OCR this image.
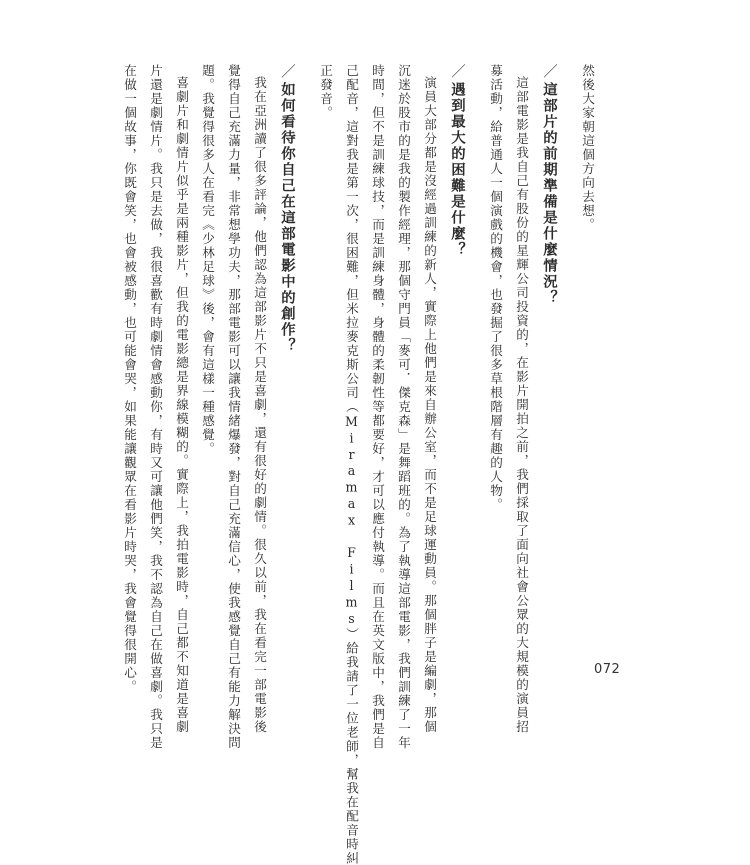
然後大家朝這個方向去想。

／這部片的前期準備是什麼情況？

這部電影是我自己有股份的星輝公司投資的，在影片開拍之前，我們採取了面向社會公眾的大規模的演員招

募活動，給普通人一個演戲的機會，也發掘了很多草根階層有趣的人物。

／遇到最大的困難是什麼？

演員大部分都是沒經過訓練的新人，實際上他們是來自辦公室，而不是足球運動員。那個胖子是編劇，那個

沉迷於股市的是我的製作經理，那個守門員「麥可．傑克森」是舞蹈班的。為了執導這部電影，我們訓練了一年

時間，但不是訓練球技，而是訓練身體，身體的柔韌性等都要好，才可以應付執導。而且在英文版中，我們是自

己配音，這對我是第一次，很困難，但米拉麥克斯公司（Miramax Films）給我請了一位老師，幫我在配音時糾

正發音。

／如何看待你自己在這部電影中的創作？

我在亞洲讀了很多評論，他們認為這部影片不只是喜劇，還有很好的劇情。很久以前，我在看完一部電影後

覺得自己充滿力量，非常想學功夫，那部電影可以讓我情緒爆發，對自己充滿信心，使我感覺自己有能力解決問

題。我覺得很多人在看完《少林足球》後，會有這樣一種感覺。

喜劇片和劇情片似乎是兩種影片，但我的電影總是界線模糊的。實際上，我拍電影時，自己都不知道是喜劇

片還是劇情片。我只是去做，我很喜歡有時劇情會感動你，有時又可讓他們笑，我不認為自己在做喜劇。我只是

在做一個故事，你既會笑，也會被感動，也可能會哭，如果能讓觀眾在看影片時哭，我會覺得很開心。	072
